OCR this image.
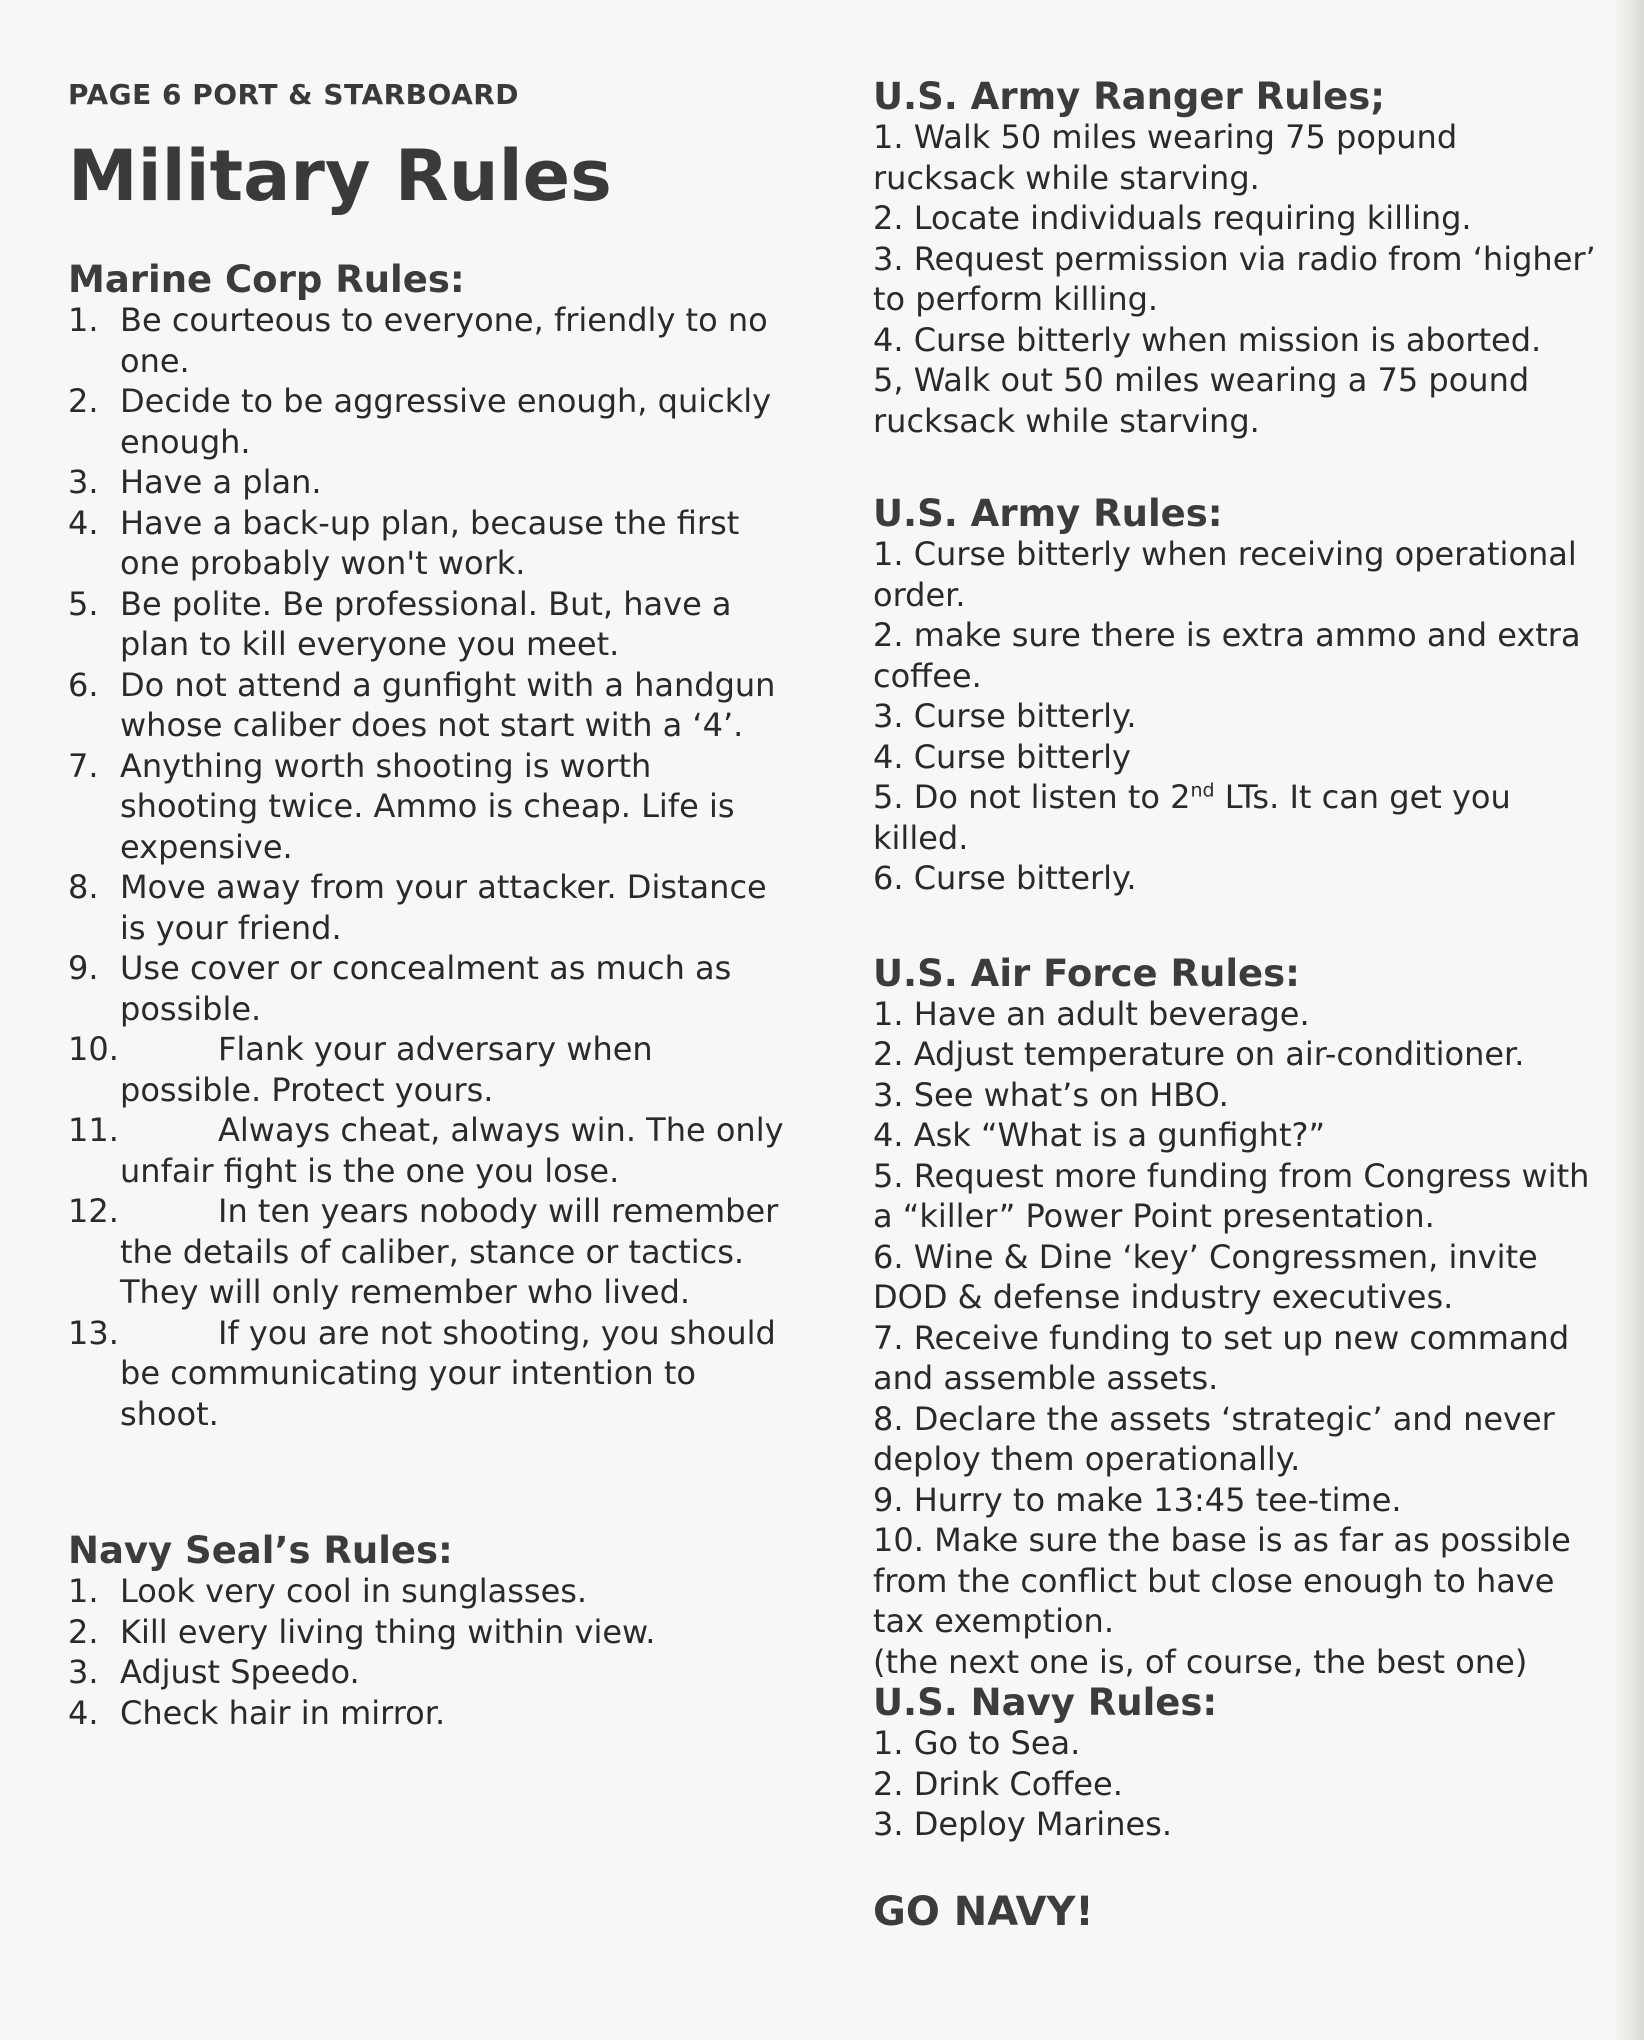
PAGE 6 PORT & STARBOARD
Military Rules
Marine Corp Rules:
1. Be courteous to everyone, friendly to no one.
2. Decide to be aggressive enough, quickly enough.
3. Have a plan.
4. Have a back-up plan, because the first one probably won't work.
5. Be polite. Be professional. But, have a plan to kill everyone you meet.
6. Do not attend a gunfight with a handgun whose caliber does not start with a ‘4’.
7. Anything worth shooting is worth shooting twice. Ammo is cheap. Life is expensive.
8. Move away from your attacker. Distance is your friend.
9. Use cover or concealment as much as possible.
10.	Flank your adversary when possible. Protect yours.
11.	Always cheat, always win. The only unfair fight is the one you lose.
12.	In ten years nobody will remember the details of caliber, stance or tactics. They will only remember who lived.
13.	If you are not shooting, you should be communicating your intention to shoot.
Navy Seal’s Rules:
1. Look very cool in sunglasses.
2. Kill every living thing within view.
3. Adjust Speedo.
4. Check hair in mirror.
U.S. Army Ranger Rules;
1. Walk 50 miles wearing 75 popund rucksack while starving.
2. Locate individuals requiring killing.
3. Request permission via radio from ‘higher’ to perform killing.
4. Curse bitterly when mission is aborted.
5, Walk out 50 miles wearing a 75 pound rucksack while starving.
U.S. Army Rules:
1. Curse bitterly when receiving operational order.
2. make sure there is extra ammo and extra coffee.
3. Curse bitterly.
4. Curse bitterly
5. Do not listen to 2nd LTs. It can get you killed.
6. Curse bitterly.
U.S. Air Force Rules:
1. Have an adult beverage.
2. Adjust temperature on air-conditioner.
3. See what’s on HBO.
4. Ask “What is a gunfight?”
5. Request more funding from Congress with a “killer” Power Point presentation.
6. Wine & Dine ‘key’ Congressmen, invite DOD & defense industry executives.
7. Receive funding to set up new command and assemble assets.
8. Declare the assets ‘strategic’ and never deploy them operationally.
9. Hurry to make 13:45 tee-time.
10. Make sure the base is as far as possible from the conflict but close enough to have tax exemption.
(the next one is, of course, the best one)
U.S. Navy Rules:
1. Go to Sea.
2. Drink Coffee.
3. Deploy Marines.
GO NAVY!
